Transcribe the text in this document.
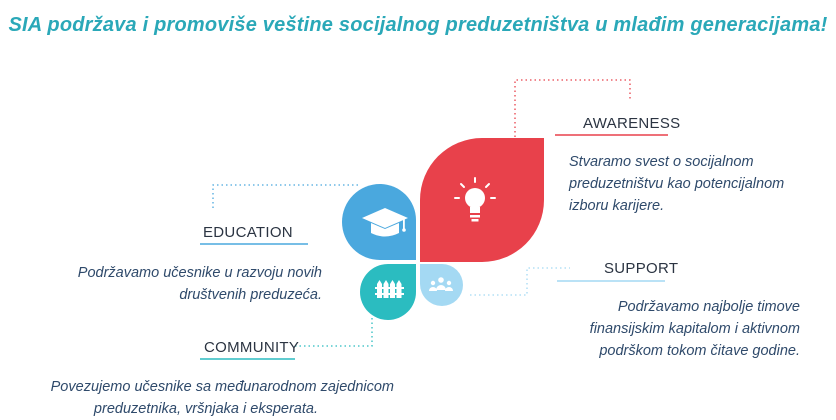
SIA podržava i promoviše veštine socijalnog preduzetništva u mlađim generacijama!
AWARENESS
EDUCATION
SUPPORT
COMMUNITY
Stvaramo svest o socijalnom
preduzetništvu kao potencijalnom
izboru karijere.
Podržavamo učesnike u razvoju novih
društvenih preduzeća.
Podržavamo najbolje timove
finansijskim kapitalom i aktivnom
podrškom tokom čitave godine.
Povezujemo učesnike sa međunarodnom zajednicom
preduzetnika, vršnjaka i eksperata.
